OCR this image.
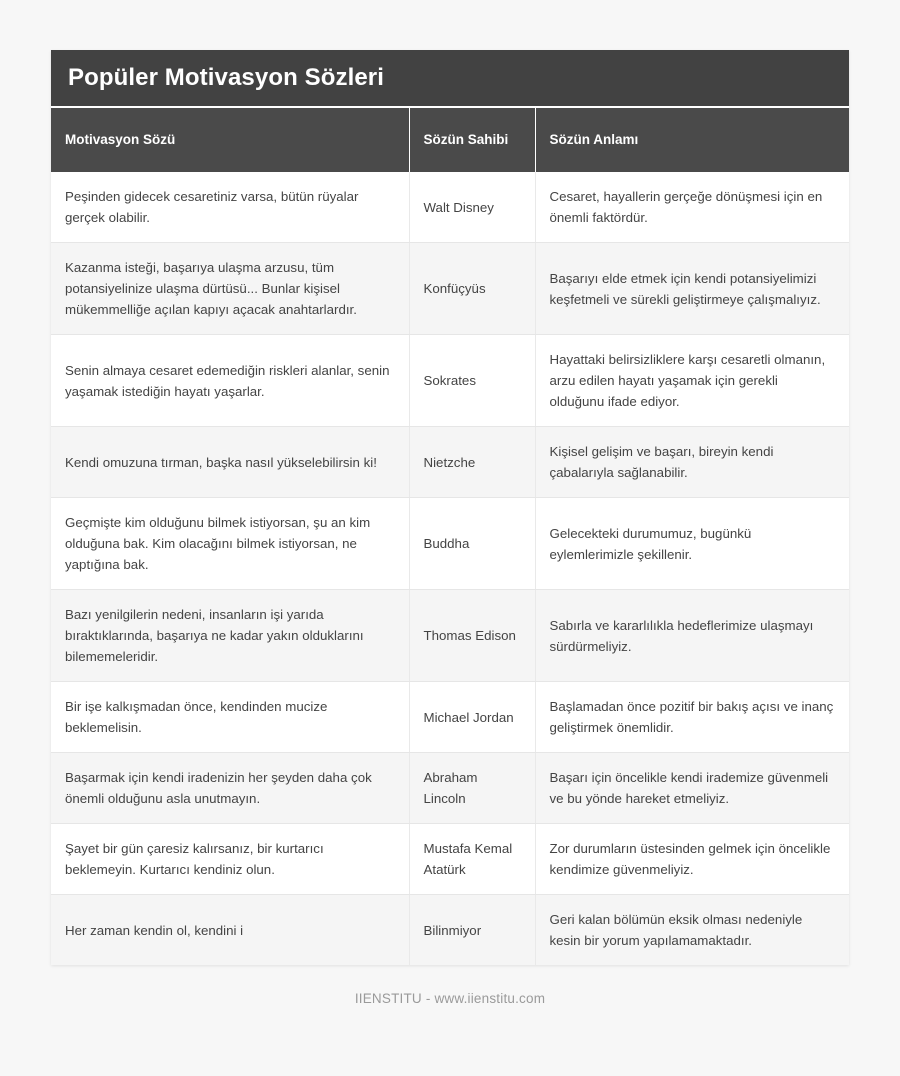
Popüler Motivasyon Sözleri
Motivasyon Sözü	Sözün Sahibi	Sözün Anlamı
Peşinden gidecek cesaretiniz varsa, bütün rüyalar gerçek olabilir.	Walt Disney	Cesaret, hayallerin gerçeğe dönüşmesi için en önemli faktördür.
Kazanma isteği, başarıya ulaşma arzusu, tüm potansiyelinize ulaşma dürtüsü... Bunlar kişisel mükemmelliğe açılan kapıyı açacak anahtarlardır.	Konfüçyüs	Başarıyı elde etmek için kendi potansiyelimizi keşfetmeli ve sürekli geliştirmeye çalışmalıyız.
Senin almaya cesaret edemediğin riskleri alanlar, senin yaşamak istediğin hayatı yaşarlar.	Sokrates	Hayattaki belirsizliklere karşı cesaretli olmanın, arzu edilen hayatı yaşamak için gerekli olduğunu ifade ediyor.
Kendi omuzuna tırman, başka nasıl yükselebilirsin ki!	Nietzche	Kişisel gelişim ve başarı, bireyin kendi çabalarıyla sağlanabilir.
Geçmişte kim olduğunu bilmek istiyorsan, şu an kim olduğuna bak. Kim olacağını bilmek istiyorsan, ne yaptığına bak.	Buddha	Gelecekteki durumumuz, bugünkü eylemlerimizle şekillenir.
Bazı yenilgilerin nedeni, insanların işi yarıda bıraktıklarında, başarıya ne kadar yakın olduklarını bilememeleridir.	Thomas Edison	Sabırla ve kararlılıkla hedeflerimize ulaşmayı sürdürmeliyiz.
Bir işe kalkışmadan önce, kendinden mucize beklemelisin.	Michael Jordan	Başlamadan önce pozitif bir bakış açısı ve inanç geliştirmek önemlidir.
Başarmak için kendi iradenizin her şeyden daha çok önemli olduğunu asla unutmayın.	Abraham Lincoln	Başarı için öncelikle kendi irademize güvenmeli ve bu yönde hareket etmeliyiz.
Şayet bir gün çaresiz kalırsanız, bir kurtarıcı beklemeyin. Kurtarıcı kendiniz olun.	Mustafa Kemal Atatürk	Zor durumların üstesinden gelmek için öncelikle kendimize güvenmeliyiz.
Her zaman kendin ol, kendini i	Bilinmiyor	Geri kalan bölümün eksik olması nedeniyle kesin bir yorum yapılamamaktadır.
IIENSTITU - www.iienstitu.com
